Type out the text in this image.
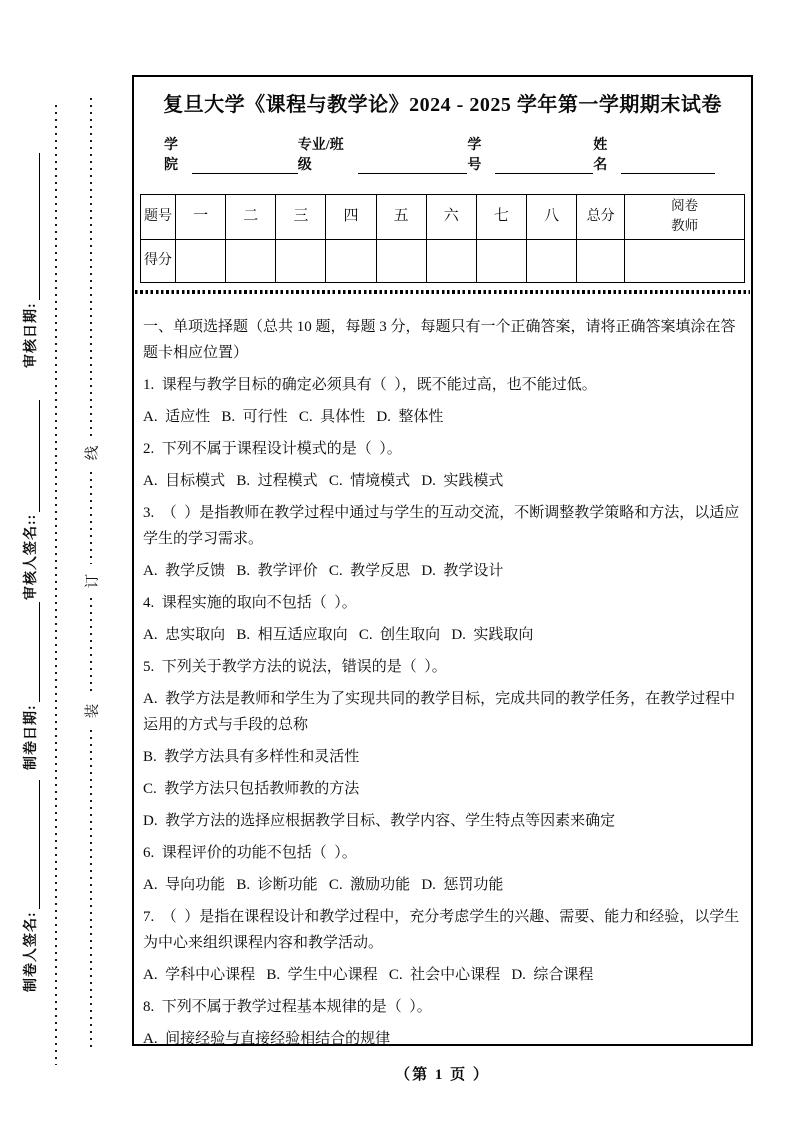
审核日期:
审核人签名::
制卷日期:
制卷人签名:
线
订
装
复旦大学《课程与教学论》2024 - 2025 学年第一学期期末试卷
学院
专业/班级
学号
姓名
题号	一	二	三	四	五	六	七	八	总分	阅卷教师
得分										

一、单项选择题（总共 10 题，每题 3 分，每题只有一个正确答案，请将正确答案填涂在答题卡相应位置）

1.  课程与教学目标的确定必须具有（  ），既不能过高，也不能过低。

A.  适应性   B.  可行性   C.  具体性   D.  整体性

2.  下列不属于课程设计模式的是（  ）。

A.  目标模式   B.  过程模式   C.  情境模式   D.  实践模式

3.  （  ）是指教师在教学过程中通过与学生的互动交流，不断调整教学策略和方法，以适应学生的学习需求。

A.  教学反馈   B.  教学评价   C.  教学反思   D.  教学设计

4.  课程实施的取向不包括（  ）。

A.  忠实取向   B.  相互适应取向   C.  创生取向   D.  实践取向

5.  下列关于教学方法的说法，错误的是（  ）。

A.  教学方法是教师和学生为了实现共同的教学目标，完成共同的教学任务，在教学过程中运用的方式与手段的总称

B.  教学方法具有多样性和灵活性

C.  教学方法只包括教师教的方法

D.  教学方法的选择应根据教学目标、教学内容、学生特点等因素来确定

6.  课程评价的功能不包括（  ）。

A.  导向功能   B.  诊断功能   C.  激励功能   D.  惩罚功能

7.  （  ）是指在课程设计和教学过程中，充分考虑学生的兴趣、需要、能力和经验，以学生为中心来组织课程内容和教学活动。

A.  学科中心课程   B.  学生中心课程   C.  社会中心课程   D.  综合课程

8.  下列不属于教学过程基本规律的是（  ）。

A.  间接经验与直接经验相结合的规律

（第 1 页 ）
